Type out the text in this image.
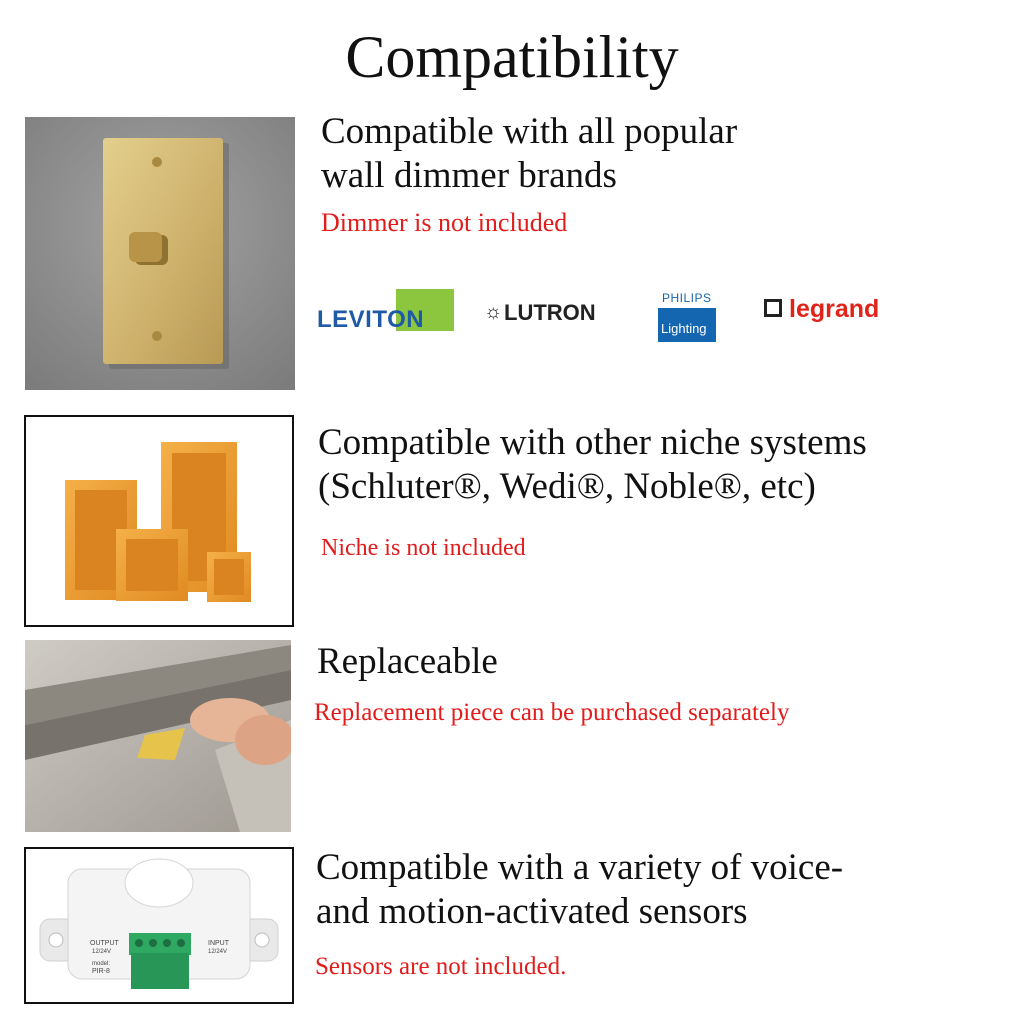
Compatibility
Compatible with all popular
wall dimmer brands
Dimmer is not included
LEVITON	☼ LUTRON
PHILIPS
Lighting
legrand
Compatible with other niche systems
(Schluter®, Wedi®, Noble®, etc)
Niche is not included
Replaceable
Replacement piece can be purchased separately
OUTPUT
12/24V
model:
PIR-8
INPUT
12/24V
Compatible with a variety of voice-
and motion-activated sensors
Sensors are not included.
